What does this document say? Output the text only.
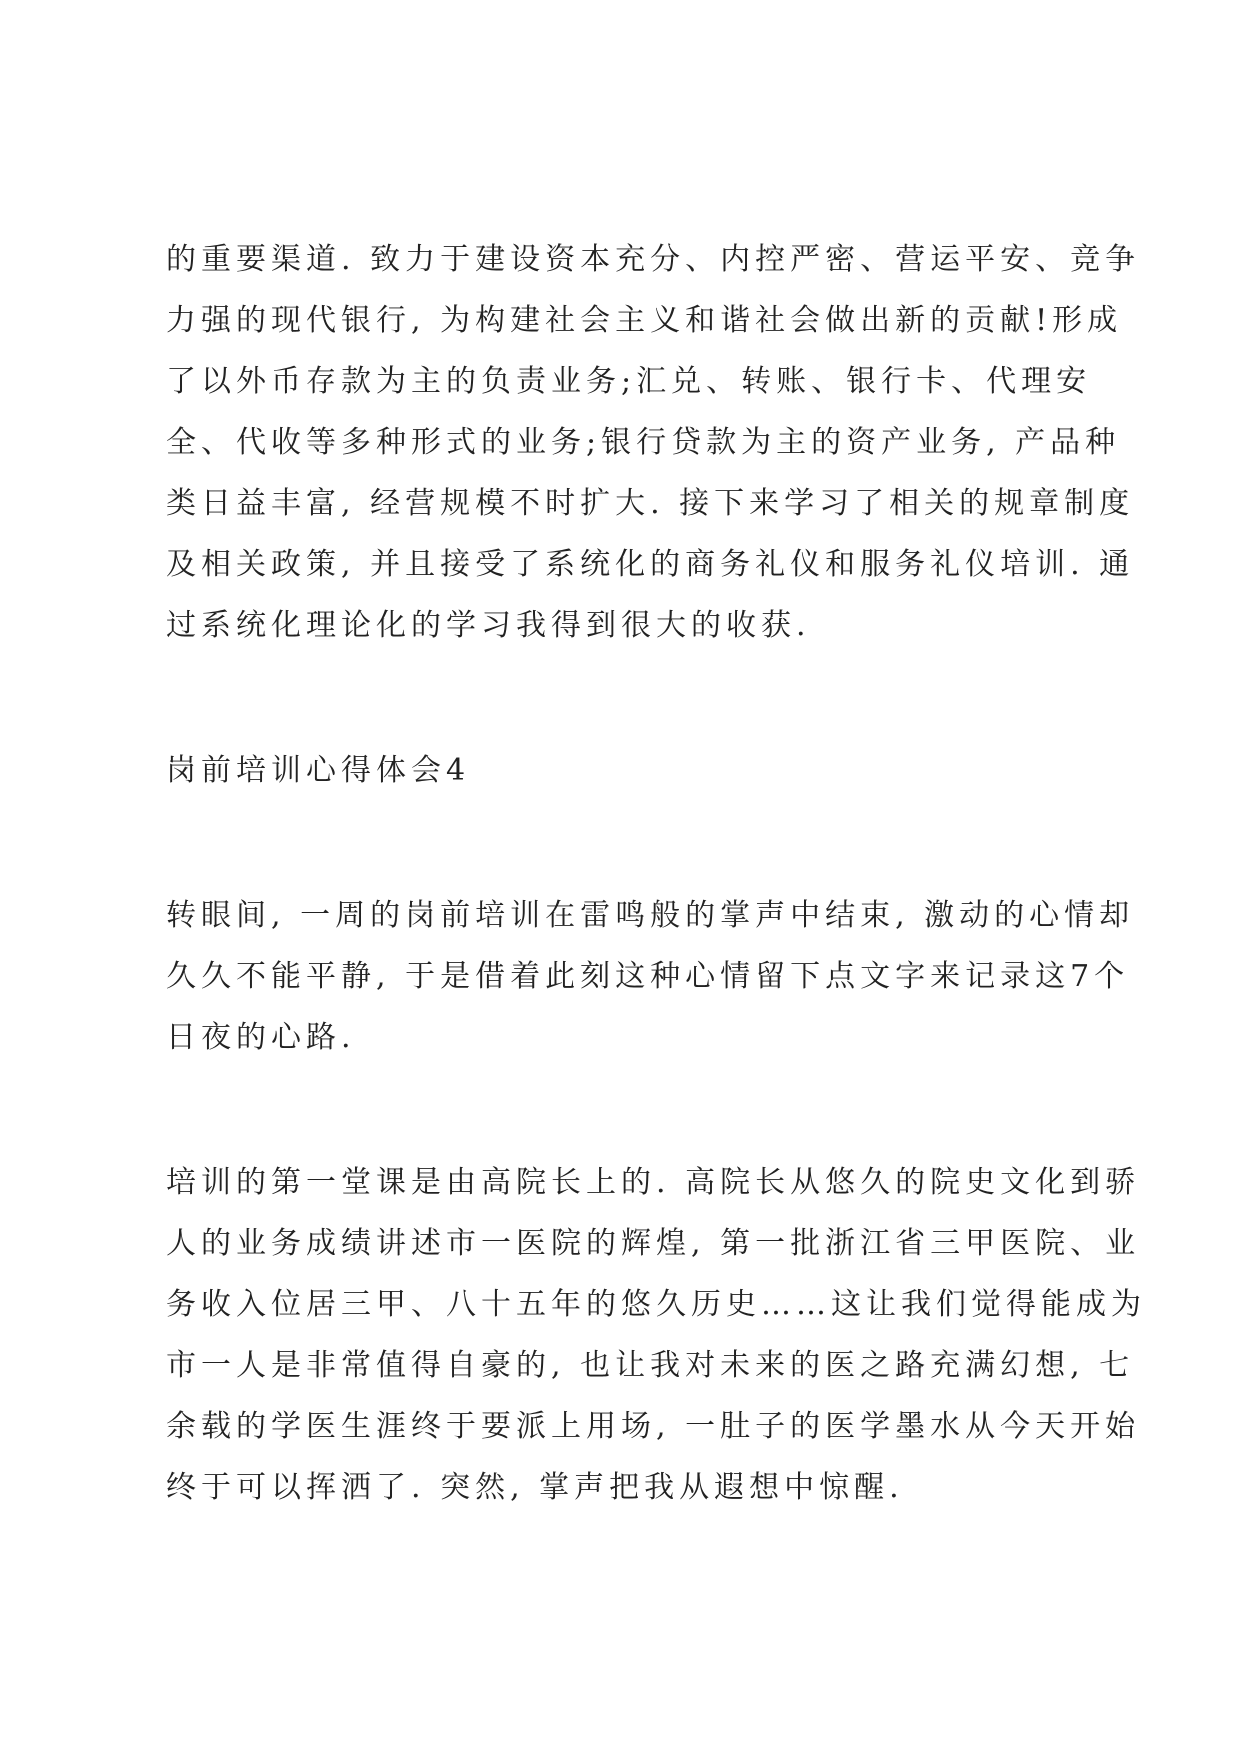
的重要渠道. 致力于建设资本充分、内控严密、营运平安、竞争
力强的现代银行, 为构建社会主义和谐社会做出新的贡献!形成
了以外币存款为主的负责业务;汇兑、转账、银行卡、代理安
全、代收等多种形式的业务;银行贷款为主的资产业务, 产品种
类日益丰富, 经营规模不时扩大. 接下来学习了相关的规章制度
及相关政策, 并且接受了系统化的商务礼仪和服务礼仪培训. 通
过系统化理论化的学习我得到很大的收获.
岗前培训心得体会4
转眼间, 一周的岗前培训在雷鸣般的掌声中结束, 激动的心情却
久久不能平静, 于是借着此刻这种心情留下点文字来记录这7个
日夜的心路.
培训的第一堂课是由高院长上的. 高院长从悠久的院史文化到骄
人的业务成绩讲述市一医院的辉煌, 第一批浙江省三甲医院、业
务收入位居三甲、八十五年的悠久历史……这让我们觉得能成为
市一人是非常值得自豪的, 也让我对未来的医之路充满幻想, 七
余载的学医生涯终于要派上用场, 一肚子的医学墨水从今天开始
终于可以挥洒了. 突然, 掌声把我从遐想中惊醒.
